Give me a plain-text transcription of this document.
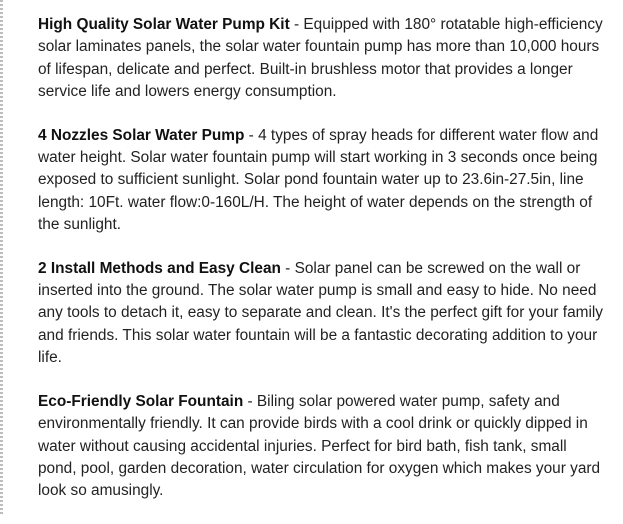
High Quality Solar Water Pump Kit - Equipped with 180° rotatable high-efficiency solar laminates panels, the solar water fountain pump has more than 10,000 hours of lifespan, delicate and perfect. Built-in brushless motor that provides a longer service life and lowers energy consumption.

4 Nozzles Solar Water Pump - 4 types of spray heads for different water flow and water height. Solar water fountain pump will start working in 3 seconds once being exposed to sufficient sunlight. Solar pond fountain water up to 23.6in-27.5in, line length: 10Ft. water flow:0-160L/H. The height of water depends on the strength of the sunlight.

2 Install Methods and Easy Clean - Solar panel can be screwed on the wall or inserted into the ground. The solar water pump is small and easy to hide. No need any tools to detach it, easy to separate and clean. It's the perfect gift for your family and friends. This solar water fountain will be a fantastic decorating addition to your life.

Eco-Friendly Solar Fountain - Biling solar powered water pump, safety and environmentally friendly. It can provide birds with a cool drink or quickly dipped in water without causing accidental injuries. Perfect for bird bath, fish tank, small pond, pool, garden decoration, water circulation for oxygen which makes your yard look so amusingly.
